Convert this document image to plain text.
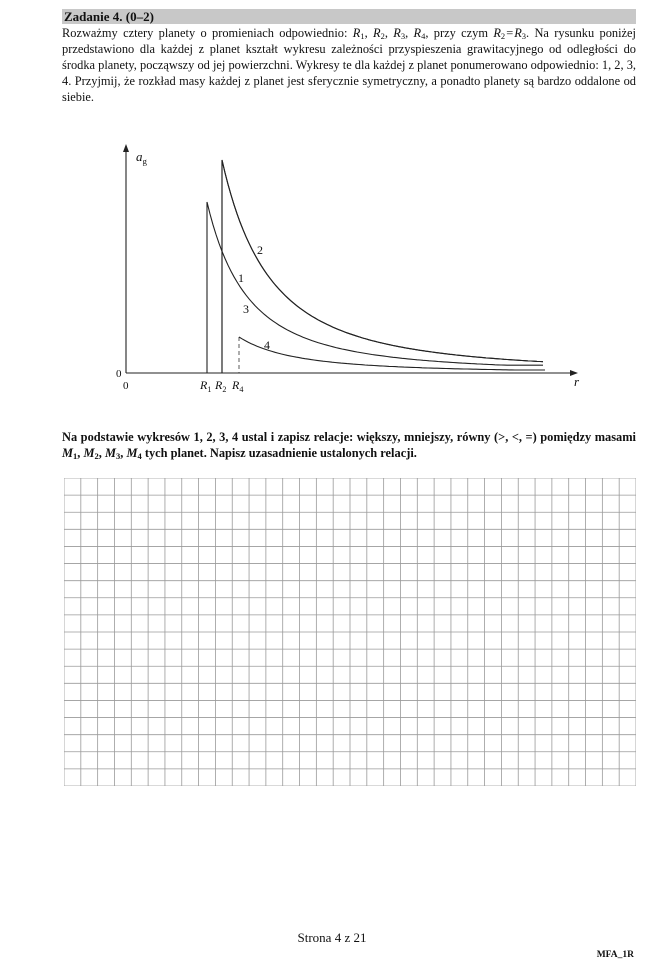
Zadanie 4. (0–2)
Rozważmy cztery planety o promieniach odpowiednio: $R_1$, $R_2$, $R_3$, $R_4$, przy czym $R_2$ = $R_3$. Na rysunku poniżej przedstawiono dla każdej z planet kształt wykresu zależności przyspieszenia grawitacyjnego od odległości do środka planety, począwszy od jej powierzchni. Wykresy te dla każdej z planet ponumerowano odpowiednio: 1, 2, 3, 4. Przyjmij, że rozkład masy każdej z planet jest sferycznie symetryczny, a ponadto planety są bardzo oddalone od siebie.
$a_g$
r
0
0	$R_1$ $R_2$ $R_4$
1
2
3
4
Na podstawie wykresów 1, 2, 3, 4 ustal i zapisz relacje: większy, mniejszy, równy (>, <, =) pomiędzy masami $M_1$, $M_2$, $M_3$, $M_4$ tych planet. Napisz uzasadnienie ustalonych relacji.
Strona 4 z 21
MFA_1R
